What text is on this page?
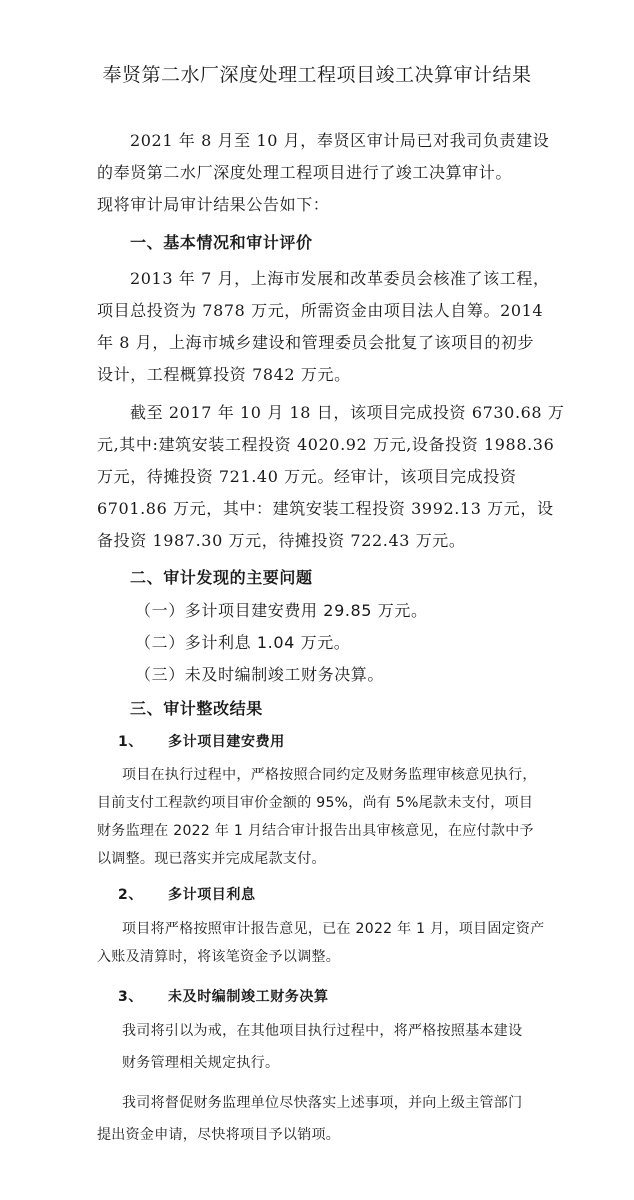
奉贤第二水厂深度处理工程项目竣工决算审计结果
2021 年 8 月至 10 月，奉贤区审计局已对我司负责建设
的奉贤第二水厂深度处理工程项目进行了竣工决算审计。
现将审计局审计结果公告如下：
一、基本情况和审计评价
2013 年 7 月，上海市发展和改革委员会核准了该工程，
项目总投资为 7878 万元，所需资金由项目法人自筹。2014
年 8 月，上海市城乡建设和管理委员会批复了该项目的初步
设计，工程概算投资 7842 万元。
截至 2017 年 10 月 18 日，该项目完成投资 6730.68 万
元,其中:建筑安装工程投资 4020.92 万元,设备投资 1988.36
万元，待摊投资 721.40 万元。经审计，该项目完成投资
6701.86 万元，其中：建筑安装工程投资 3992.13 万元，设
备投资 1987.30 万元，待摊投资 722.43 万元。
二、审计发现的主要问题
（一）多计项目建安费用 29.85 万元。
（二）多计利息 1.04 万元。
（三）未及时编制竣工财务决算。
三、审计整改结果
1、 多计项目建安费用
项目在执行过程中，严格按照合同约定及财务监理审核意见执行，
目前支付工程款约项目审价金额的 95%，尚有 5%尾款未支付，项目
财务监理在 2022 年 1 月结合审计报告出具审核意见，在应付款中予
以调整。现已落实并完成尾款支付。
2、 多计项目利息
项目将严格按照审计报告意见，已在 2022 年 1 月，项目固定资产
入账及清算时，将该笔资金予以调整。
3、 未及时编制竣工财务决算
我司将引以为戒，在其他项目执行过程中，将严格按照基本建设
财务管理相关规定执行。
我司将督促财务监理单位尽快落实上述事项，并向上级主管部门
提出资金申请，尽快将项目予以销项。
